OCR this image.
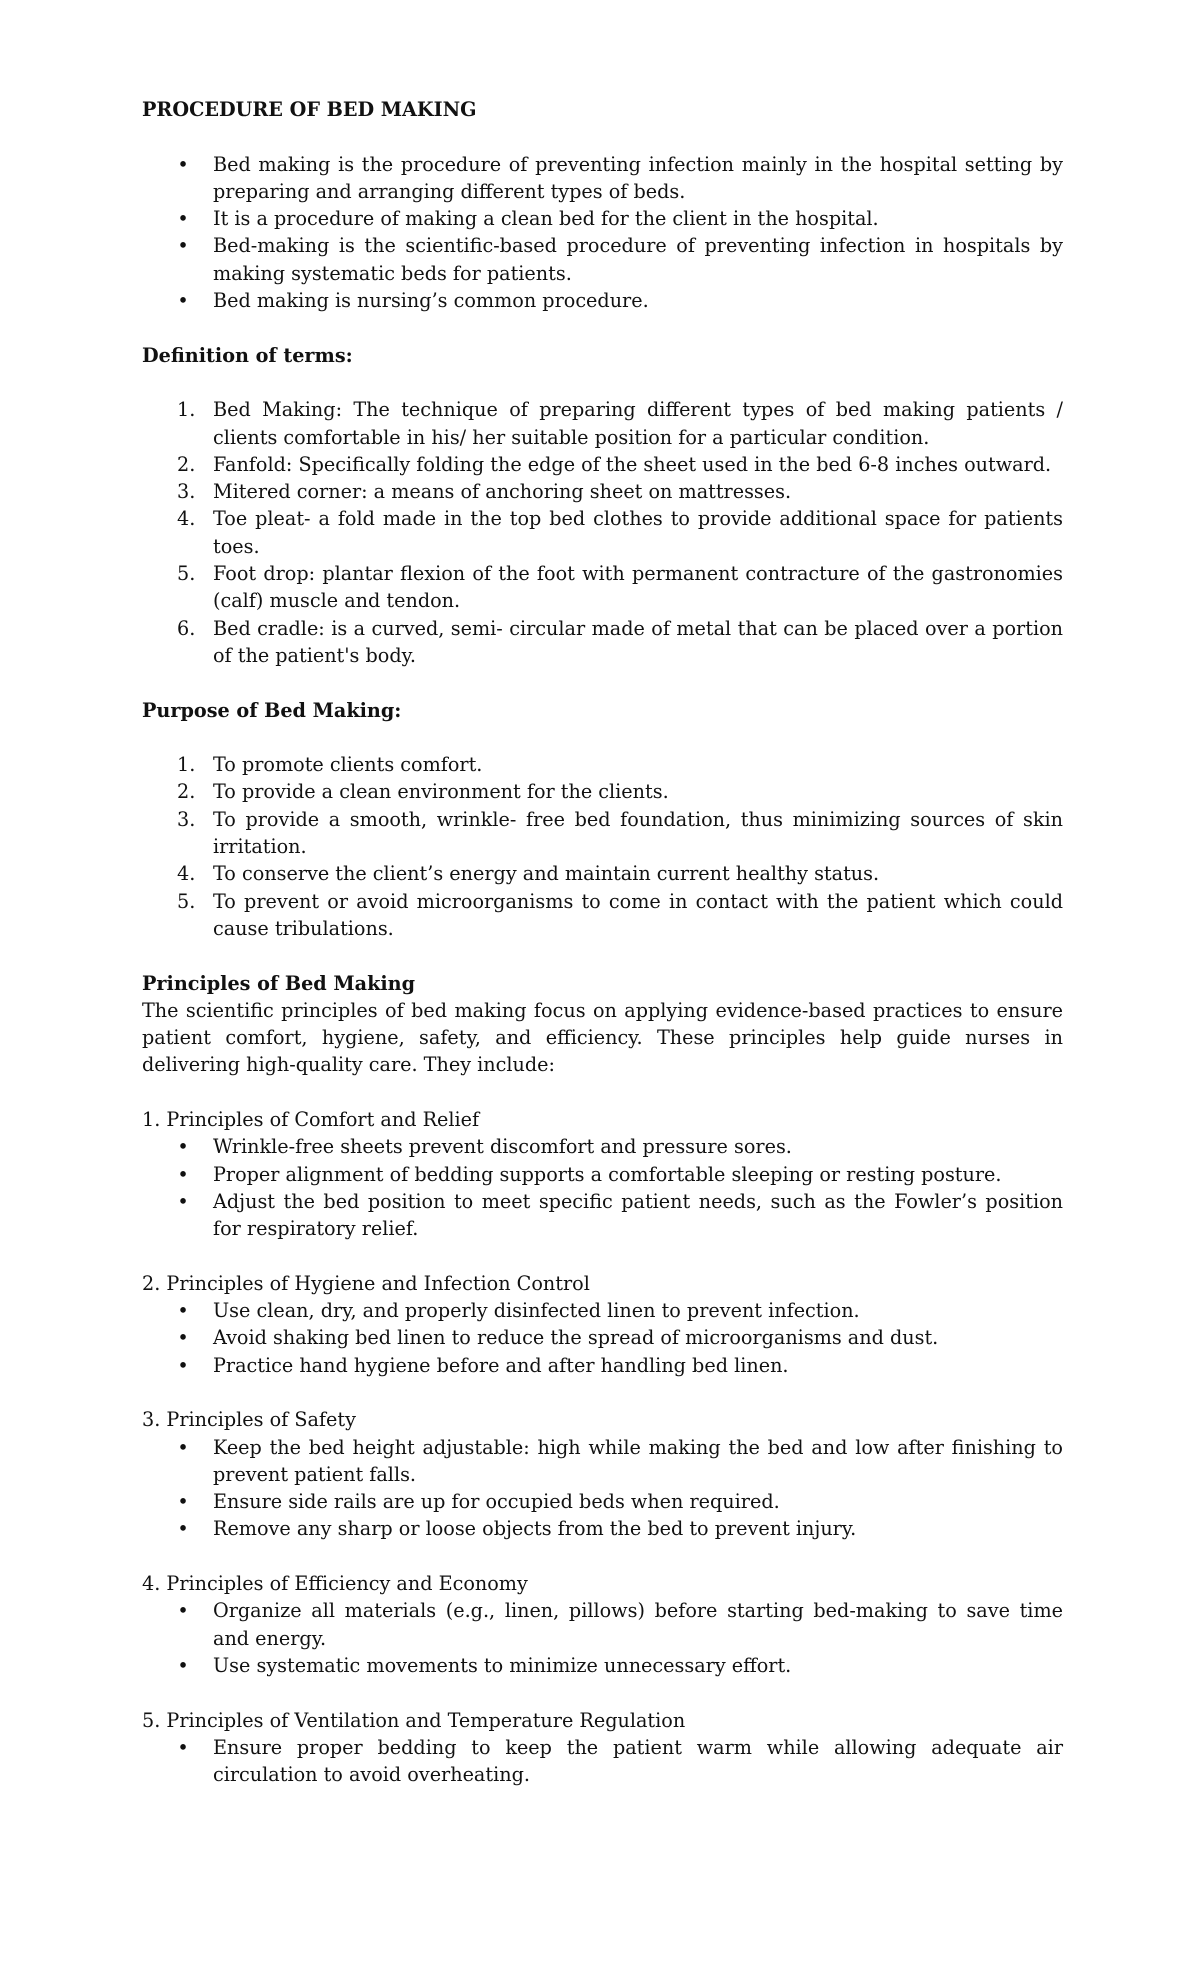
PROCEDURE OF BED MAKING

• Bed making is the procedure of preventing infection mainly in the hospital setting by preparing and arranging different types of beds.
• It is a procedure of making a clean bed for the client in the hospital.
• Bed-making is the scientific-based procedure of preventing infection in hospitals by making systematic beds for patients.
• Bed making is nursing’s common procedure.

Definition of terms:

1. Bed Making: The technique of preparing different types of bed making patients / clients comfortable in his/ her suitable position for a particular condition.
2. Fanfold: Specifically folding the edge of the sheet used in the bed 6-8 inches outward.
3. Mitered corner: a means of anchoring sheet on mattresses.
4. Toe pleat- a fold made in the top bed clothes to provide additional space for patients toes.
5. Foot drop: plantar flexion of the foot with permanent contracture of the gastronomies (calf) muscle and tendon.
6. Bed cradle: is a curved, semi- circular made of metal that can be placed over a portion of the patient's body.

Purpose of Bed Making:

1. To promote clients comfort.
2. To provide a clean environment for the clients.
3. To provide a smooth, wrinkle- free bed foundation, thus minimizing sources of skin irritation.
4. To conserve the client’s energy and maintain current healthy status.
5. To prevent or avoid microorganisms to come in contact with the patient which could cause tribulations.

Principles of Bed Making

The scientific principles of bed making focus on applying evidence-based practices to ensure patient comfort, hygiene, safety, and efficiency. These principles help guide nurses in delivering high-quality care. They include:

1. Principles of Comfort and Relief

• Wrinkle-free sheets prevent discomfort and pressure sores.
• Proper alignment of bedding supports a comfortable sleeping or resting posture.
• Adjust the bed position to meet specific patient needs, such as the Fowler’s position for respiratory relief.

2. Principles of Hygiene and Infection Control

• Use clean, dry, and properly disinfected linen to prevent infection.
• Avoid shaking bed linen to reduce the spread of microorganisms and dust.
• Practice hand hygiene before and after handling bed linen.

3. Principles of Safety

• Keep the bed height adjustable: high while making the bed and low after finishing to prevent patient falls.
• Ensure side rails are up for occupied beds when required.
• Remove any sharp or loose objects from the bed to prevent injury.

4. Principles of Efficiency and Economy

• Organize all materials (e.g., linen, pillows) before starting bed-making to save time and energy.
• Use systematic movements to minimize unnecessary effort.

5. Principles of Ventilation and Temperature Regulation

• Ensure proper bedding to keep the patient warm while allowing adequate air circulation to avoid overheating.
